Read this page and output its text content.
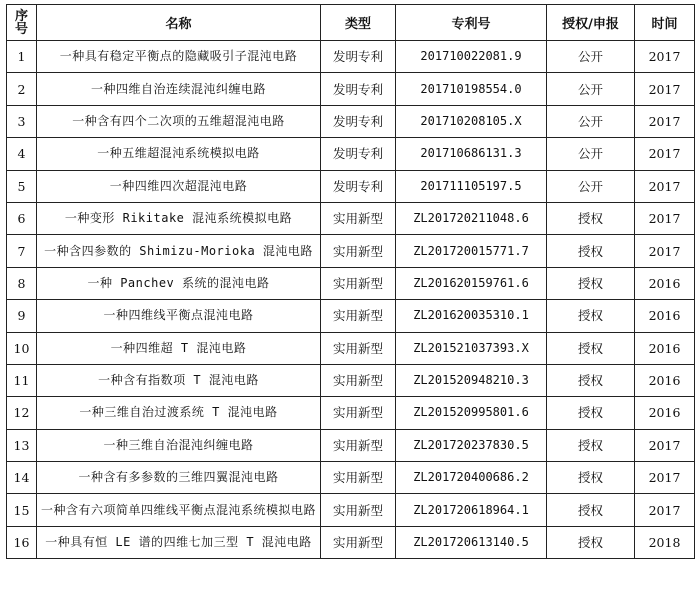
序号	名称	类型	专利号	授权/申报	时间
1	一种具有稳定平衡点的隐藏吸引子混沌电路	发明专利	201710022081.9	公开	2017
2	一种四维自治连续混沌纠缠电路	发明专利	201710198554.0	公开	2017
3	一种含有四个二次项的五维超混沌电路	发明专利	201710208105.X	公开	2017
4	一种五维超混沌系统模拟电路	发明专利	201710686131.3	公开	2017
5	一种四维四次超混沌电路	发明专利	201711105197.5	公开	2017
6	一种变形 Rikitake 混沌系统模拟电路	实用新型	ZL201720211048.6	授权	2017
7	一种含四参数的 Shimizu-Morioka 混沌电路	实用新型	ZL201720015771.7	授权	2017
8	一种 Panchev 系统的混沌电路	实用新型	ZL201620159761.6	授权	2016
9	一种四维线平衡点混沌电路	实用新型	ZL201620035310.1	授权	2016
10	一种四维超 T 混沌电路	实用新型	ZL201521037393.X	授权	2016
11	一种含有指数项 T 混沌电路	实用新型	ZL201520948210.3	授权	2016
12	一种三维自治过渡系统 T 混沌电路	实用新型	ZL201520995801.6	授权	2016
13	一种三维自治混沌纠缠电路	实用新型	ZL201720237830.5	授权	2017
14	一种含有多参数的三维四翼混沌电路	实用新型	ZL201720400686.2	授权	2017
15	一种含有六项简单四维线平衡点混沌系统模拟电路	实用新型	ZL201720618964.1	授权	2017
16	一种具有恒 LE 谱的四维七加三型 T 混沌电路	实用新型	ZL201720613140.5	授权	2018
